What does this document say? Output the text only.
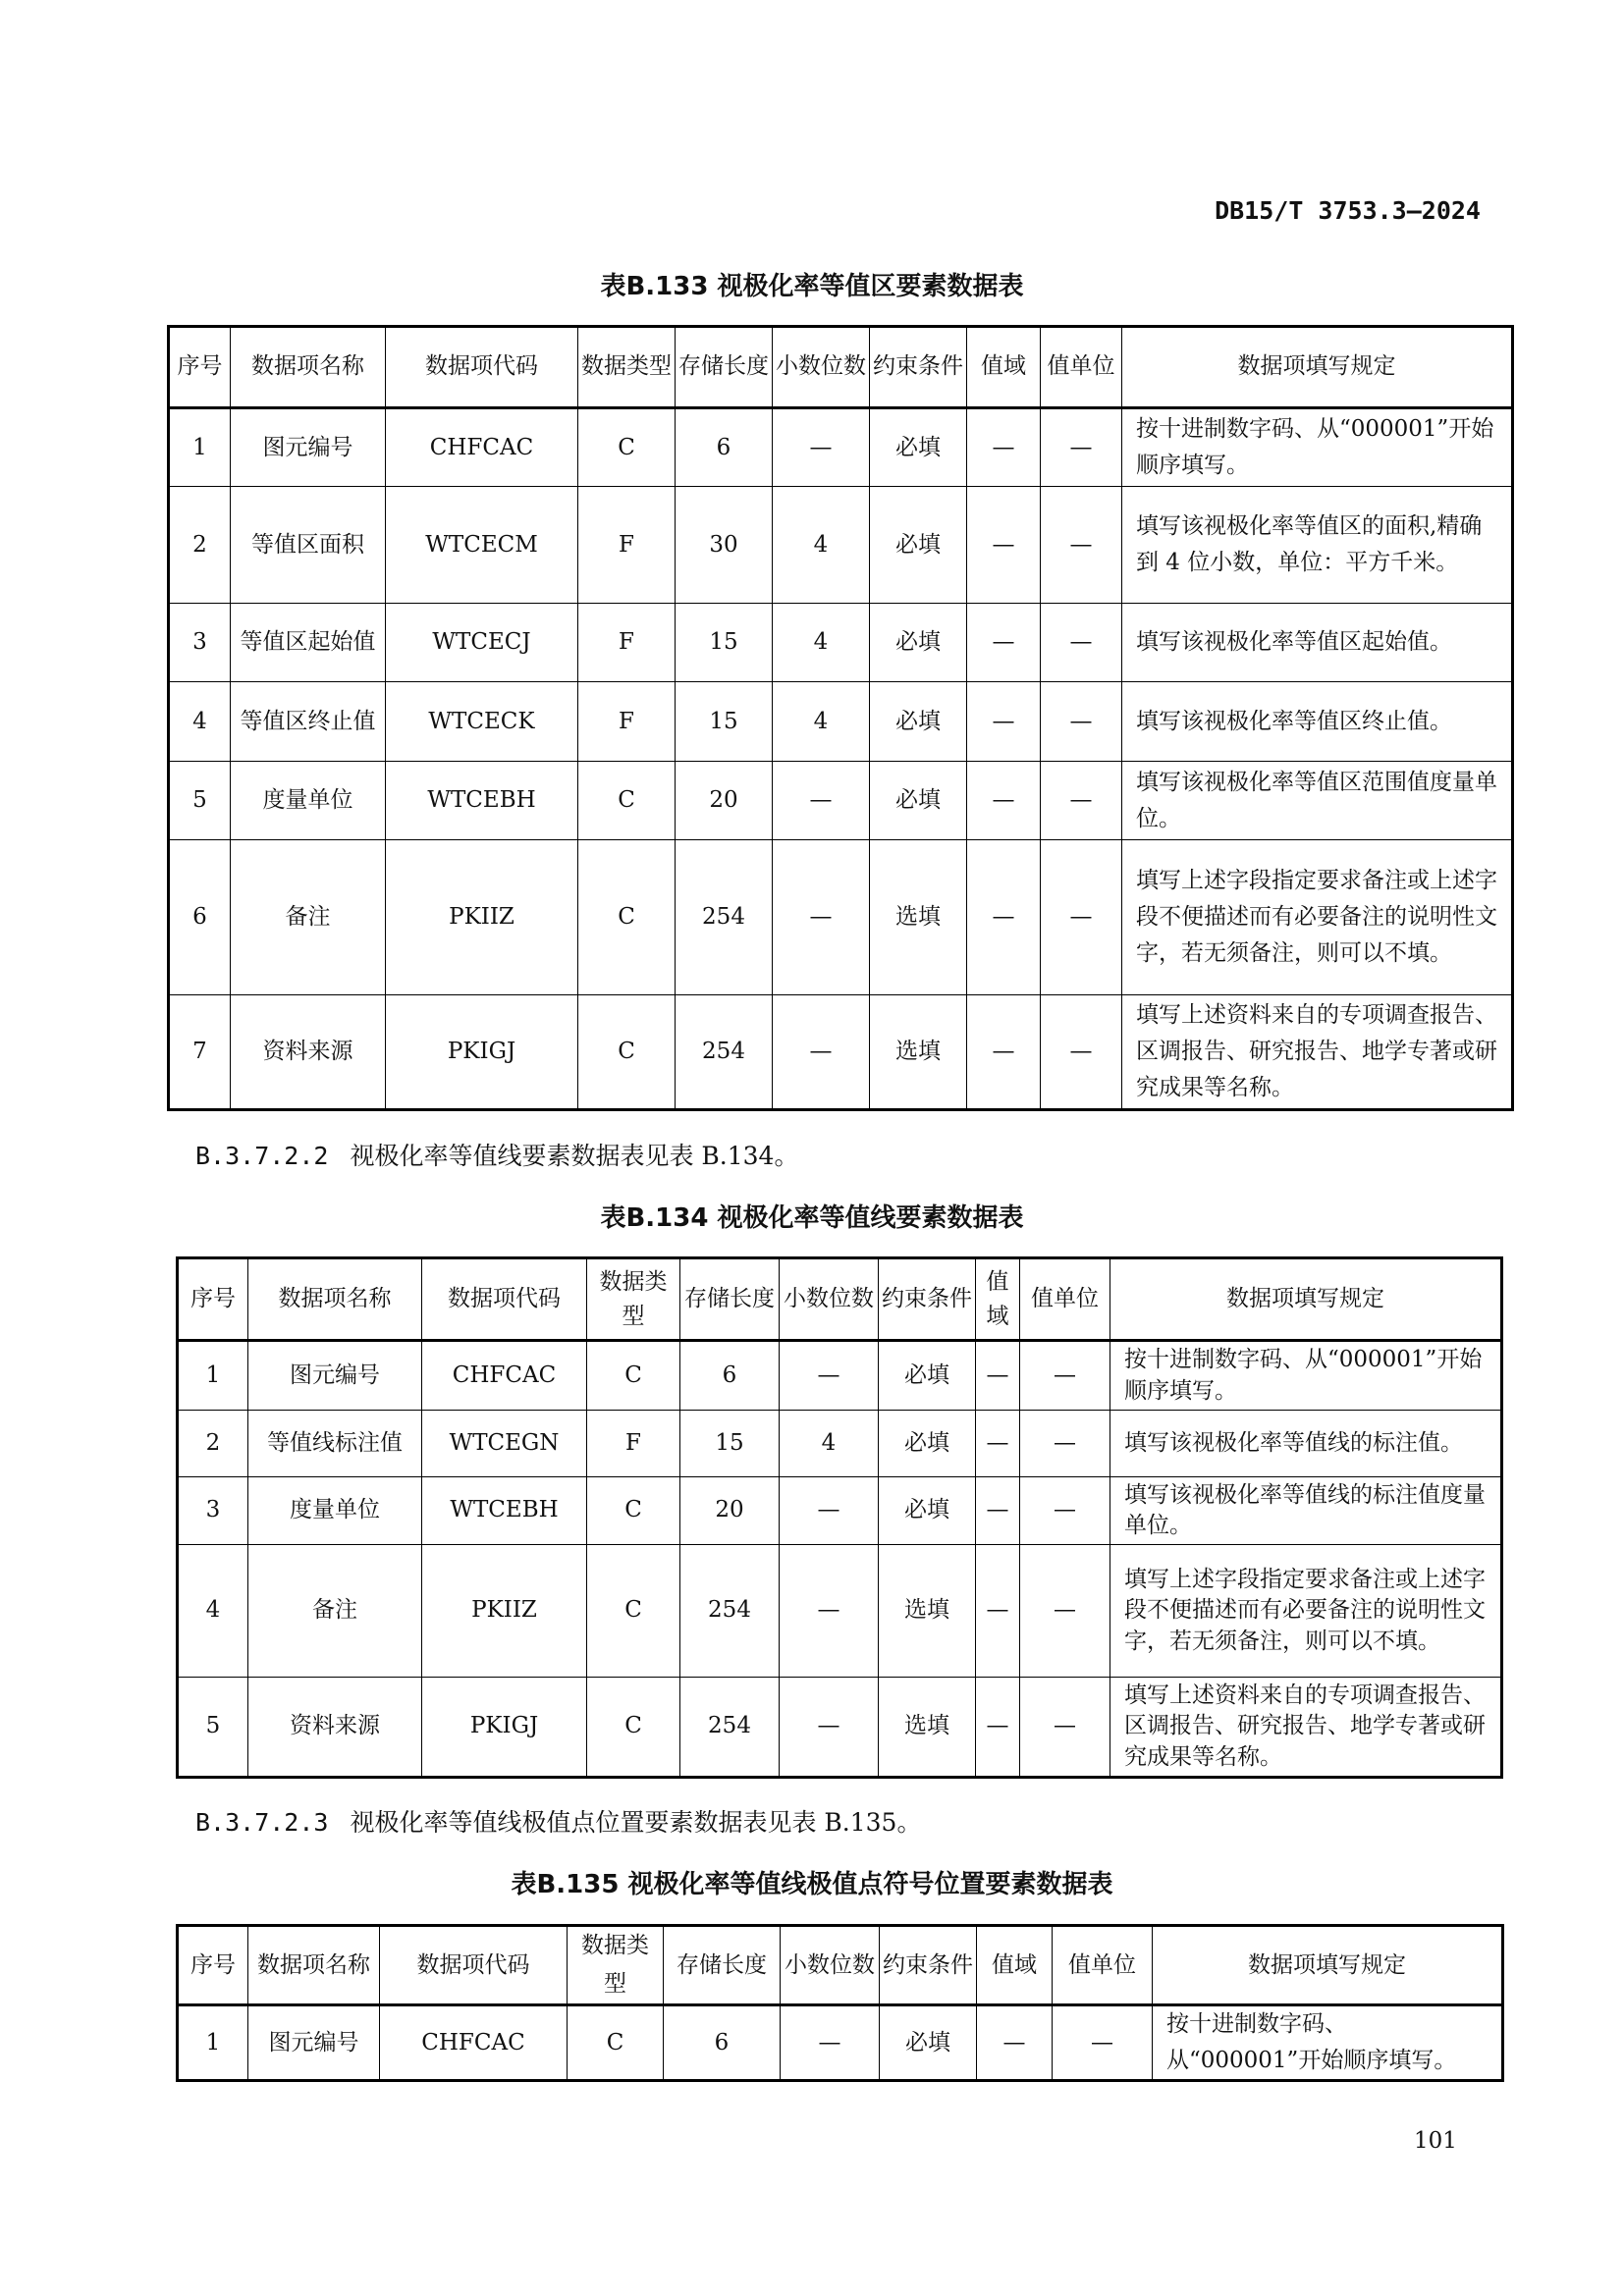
DB15/T 3753.3—2024
表B.133 视极化率等值区要素数据表
序号	数据项名称	数据项代码	数据类型	存储长度	小数位数	约束条件	值域	值单位	数据项填写规定
1	图元编号	CHFCAC	C	6	—	必填	—	—	按十进制数字码、从“000001”开始顺序填写。
2	等值区面积	WTCECM	F	30	4	必填	—	—	填写该视极化率等值区的面积,精确到 4 位小数，单位：平方千米。
3	等值区起始值	WTCECJ	F	15	4	必填	—	—	填写该视极化率等值区起始值。
4	等值区终止值	WTCECK	F	15	4	必填	—	—	填写该视极化率等值区终止值。
5	度量单位	WTCEBH	C	20	—	必填	—	—	填写该视极化率等值区范围值度量单位。
6	备注	PKIIZ	C	254	—	选填	—	—	填写上述字段指定要求备注或上述字段不便描述而有必要备注的说明性文字，若无须备注，则可以不填。
7	资料来源	PKIGJ	C	254	—	选填	—	—	填写上述资料来自的专项调查报告、区调报告、研究报告、地学专著或研究成果等名称。
B.3.7.2.2 视极化率等值线要素数据表见表 B.134。
表B.134 视极化率等值线要素数据表
序号	数据项名称	数据项代码	数据类型	存储长度	小数位数	约束条件	值域	值单位	数据项填写规定
1	图元编号	CHFCAC	C	6	—	必填	—	—	按十进制数字码、从“000001”开始顺序填写。
2	等值线标注值	WTCEGN	F	15	4	必填	—	—	填写该视极化率等值线的标注值。
3	度量单位	WTCEBH	C	20	—	必填	—	—	填写该视极化率等值线的标注值度量单位。
4	备注	PKIIZ	C	254	—	选填	—	—	填写上述字段指定要求备注或上述字段不便描述而有必要备注的说明性文字，若无须备注，则可以不填。
5	资料来源	PKIGJ	C	254	—	选填	—	—	填写上述资料来自的专项调查报告、区调报告、研究报告、地学专著或研究成果等名称。
B.3.7.2.3 视极化率等值线极值点位置要素数据表见表 B.135。
表B.135 视极化率等值线极值点符号位置要素数据表
序号	数据项名称	数据项代码	数据类型	存储长度	小数位数	约束条件	值域	值单位	数据项填写规定
1	图元编号	CHFCAC	C	6	—	必填	—	—	按十进制数字码、从“000001”开始顺序填写。
101
